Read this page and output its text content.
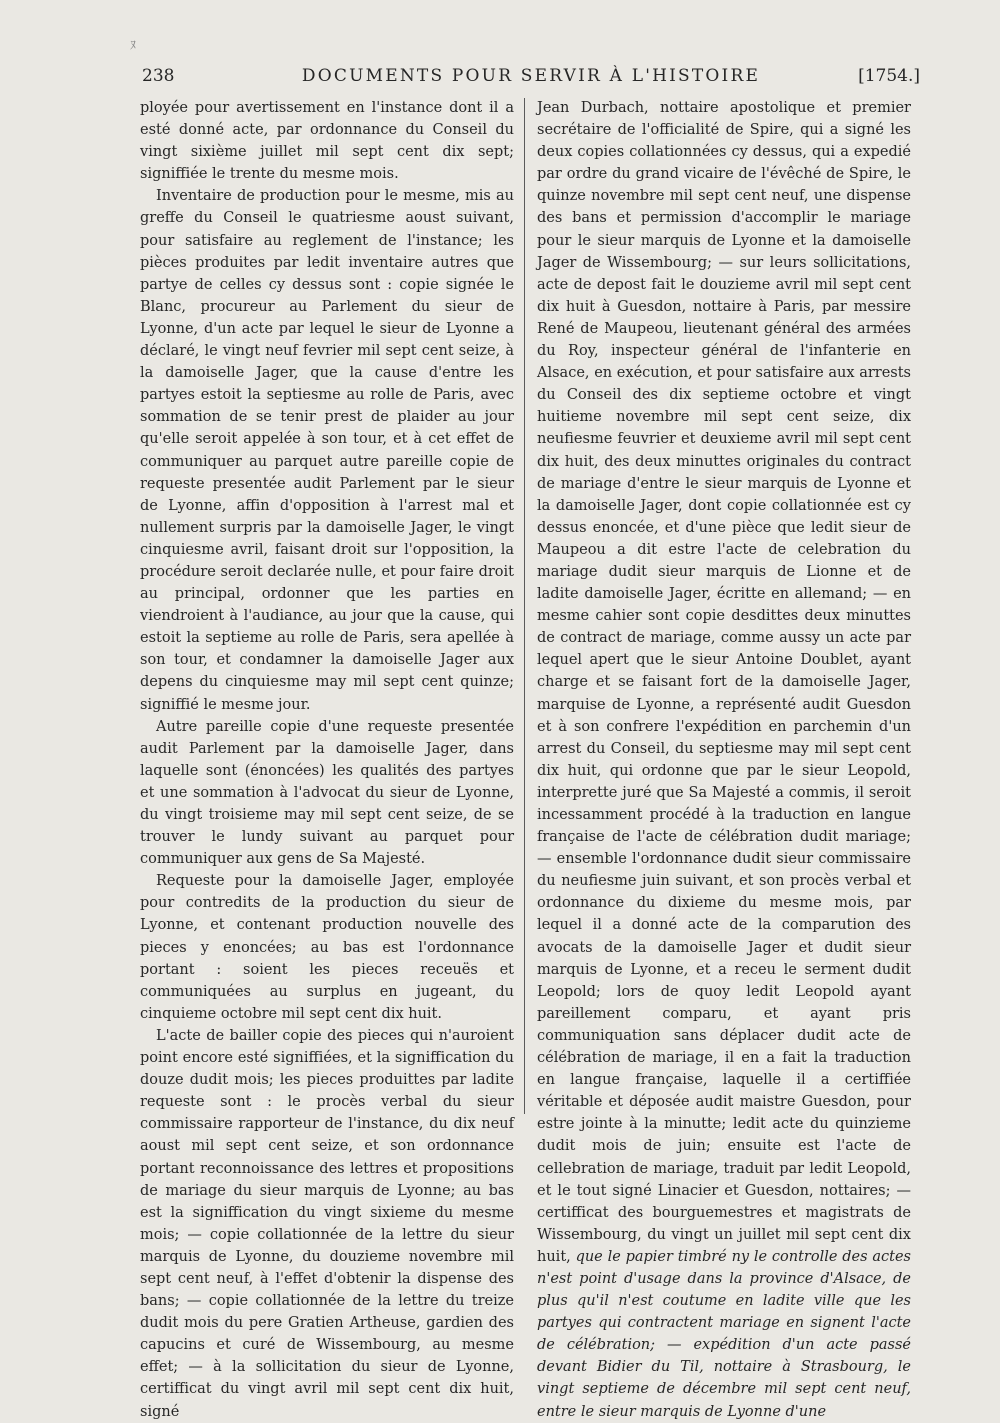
ﾇ
238	DOCUMENTS POUR SERVIR À L'HISTOIRE	[1754.]

ployée pour avertissement en l'instance dont il a esté donné acte, par ordonnance du Conseil du vingt sixième juillet mil sept cent dix sept; signiffiée le trente du mesme mois.

Inventaire de production pour le mesme, mis au greffe du Conseil le quatriesme aoust suivant, pour satisfaire au reglement de l'instance; les pièces produites par ledit inventaire autres que partye de celles cy dessus sont : copie signée le Blanc, procureur au Parlement du sieur de Lyonne, d'un acte par lequel le sieur de Lyonne a déclaré, le vingt neuf fevrier mil sept cent seize, à la damoiselle Jager, que la cause d'entre les partyes estoit la septiesme au rolle de Paris, avec sommation de se tenir prest de plaider au jour qu'elle seroit appelée à son tour, et à cet effet de communiquer au parquet autre pareille copie de requeste presentée audit Parlement par le sieur de Lyonne, affin d'opposition à l'arrest mal et nullement surpris par la damoiselle Jager, le vingt cinquiesme avril, faisant droit sur l'opposition, la procédure seroit declarée nulle, et pour faire droit au principal, ordonner que les parties en viendroient à l'audiance, au jour que la cause, qui estoit la septieme au rolle de Paris, sera apellée à son tour, et condamner la damoiselle Jager aux depens du cinquiesme may mil sept cent quinze; signiffié le mesme jour.

Autre pareille copie d'une requeste presentée audit Parlement par la damoiselle Jager, dans laquelle sont (énoncées) les qualités des partyes et une sommation à l'advocat du sieur de Lyonne, du vingt troisieme may mil sept cent seize, de se trouver le lundy suivant au parquet pour communiquer aux gens de Sa Majesté.

Requeste pour la damoiselle Jager, employée pour contredits de la production du sieur de Lyonne, et contenant production nouvelle des pieces y enoncées; au bas est l'ordonnance portant : soient les pieces receuës et communiquées au surplus en jugeant, du cinquieme octobre mil sept cent dix huit.

L'acte de bailler copie des pieces qui n'auroient point encore esté signiffiées, et la signiffication du douze dudit mois; les pieces produittes par ladite requeste sont : le procès verbal du sieur commissaire rapporteur de l'instance, du dix neuf aoust mil sept cent seize, et son ordonnance portant reconnoissance des lettres et propositions de mariage du sieur marquis de Lyonne; au bas est la signiffication du vingt sixieme du mesme mois; — copie collationnée de la lettre du sieur marquis de Lyonne, du douzieme novembre mil sept cent neuf, à l'effet d'obtenir la dispense des bans; — copie collationnée de la lettre du treize dudit mois du pere Gratien Artheuse, gardien des capucins et curé de Wissembourg, au mesme effet; — à la sollicitation du sieur de Lyonne, certifficat du vingt avril mil sept cent dix huit, signé

Jean Durbach, nottaire apostolique et premier secrétaire de l'officialité de Spire, qui a signé les deux copies collationnées cy dessus, qui a expedié par ordre du grand vicaire de l'évêché de Spire, le quinze novembre mil sept cent neuf, une dispense des bans et permission d'accomplir le mariage pour le sieur marquis de Lyonne et la damoiselle Jager de Wissembourg; — sur leurs sollicitations, acte de depost fait le douzieme avril mil sept cent dix huit à Guesdon, nottaire à Paris, par messire René de Maupeou, lieutenant général des armées du Roy, inspecteur général de l'infanterie en Alsace, en exécution, et pour satisfaire aux arrests du Conseil des dix septieme octobre et vingt huitieme novembre mil sept cent seize, dix neufiesme feuvrier et deuxieme avril mil sept cent dix huit, des deux minuttes originales du contract de mariage d'entre le sieur marquis de Lyonne et la damoiselle Jager, dont copie collationnée est cy dessus enoncée, et d'une pièce que ledit sieur de Maupeou a dit estre l'acte de celebration du mariage dudit sieur marquis de Lionne et de ladite damoiselle Jager, écritte en allemand; — en mesme cahier sont copie desdittes deux minuttes de contract de mariage, comme aussy un acte par lequel apert que le sieur Antoine Doublet, ayant charge et se faisant fort de la damoiselle Jager, marquise de Lyonne, a représenté audit Guesdon et à son confrere l'expédition en parchemin d'un arrest du Conseil, du septiesme may mil sept cent dix huit, qui ordonne que par le sieur Leopold, interprette juré que Sa Majesté a commis, il seroit incessamment procédé à la traduction en langue française de l'acte de célébration dudit mariage; — ensemble l'ordonnance dudit sieur commissaire du neufiesme juin suivant, et son procès verbal et ordonnance du dixieme du mesme mois, par lequel il a donné acte de la comparution des avocats de la damoiselle Jager et dudit sieur marquis de Lyonne, et a receu le serment dudit Leopold; lors de quoy ledit Leopold ayant pareillement comparu, et ayant pris communiquation sans déplacer dudit acte de célébration de mariage, il en a fait la traduction en langue française, laquelle il a certiffiée véritable et déposée audit maistre Guesdon, pour estre jointe à la minutte; ledit acte du quinzieme dudit mois de juin; ensuite est l'acte de cellebration de mariage, traduit par ledit Leopold, et le tout signé Linacier et Guesdon, nottaires; — certifficat des bourguemestres et magistrats de Wissembourg, du vingt un juillet mil sept cent dix huit, que le papier timbré ny le controlle des actes n'est point d'usage dans la province d'Alsace, de plus qu'il n'est coutume en ladite ville que les partyes qui contractent mariage en signent l'acte de célébration; — expédition d'un acte passé devant Bidier du Til, nottaire à Strasbourg, le vingt septieme de décembre mil sept cent neuf, entre le sieur marquis de Lyonne d'une
